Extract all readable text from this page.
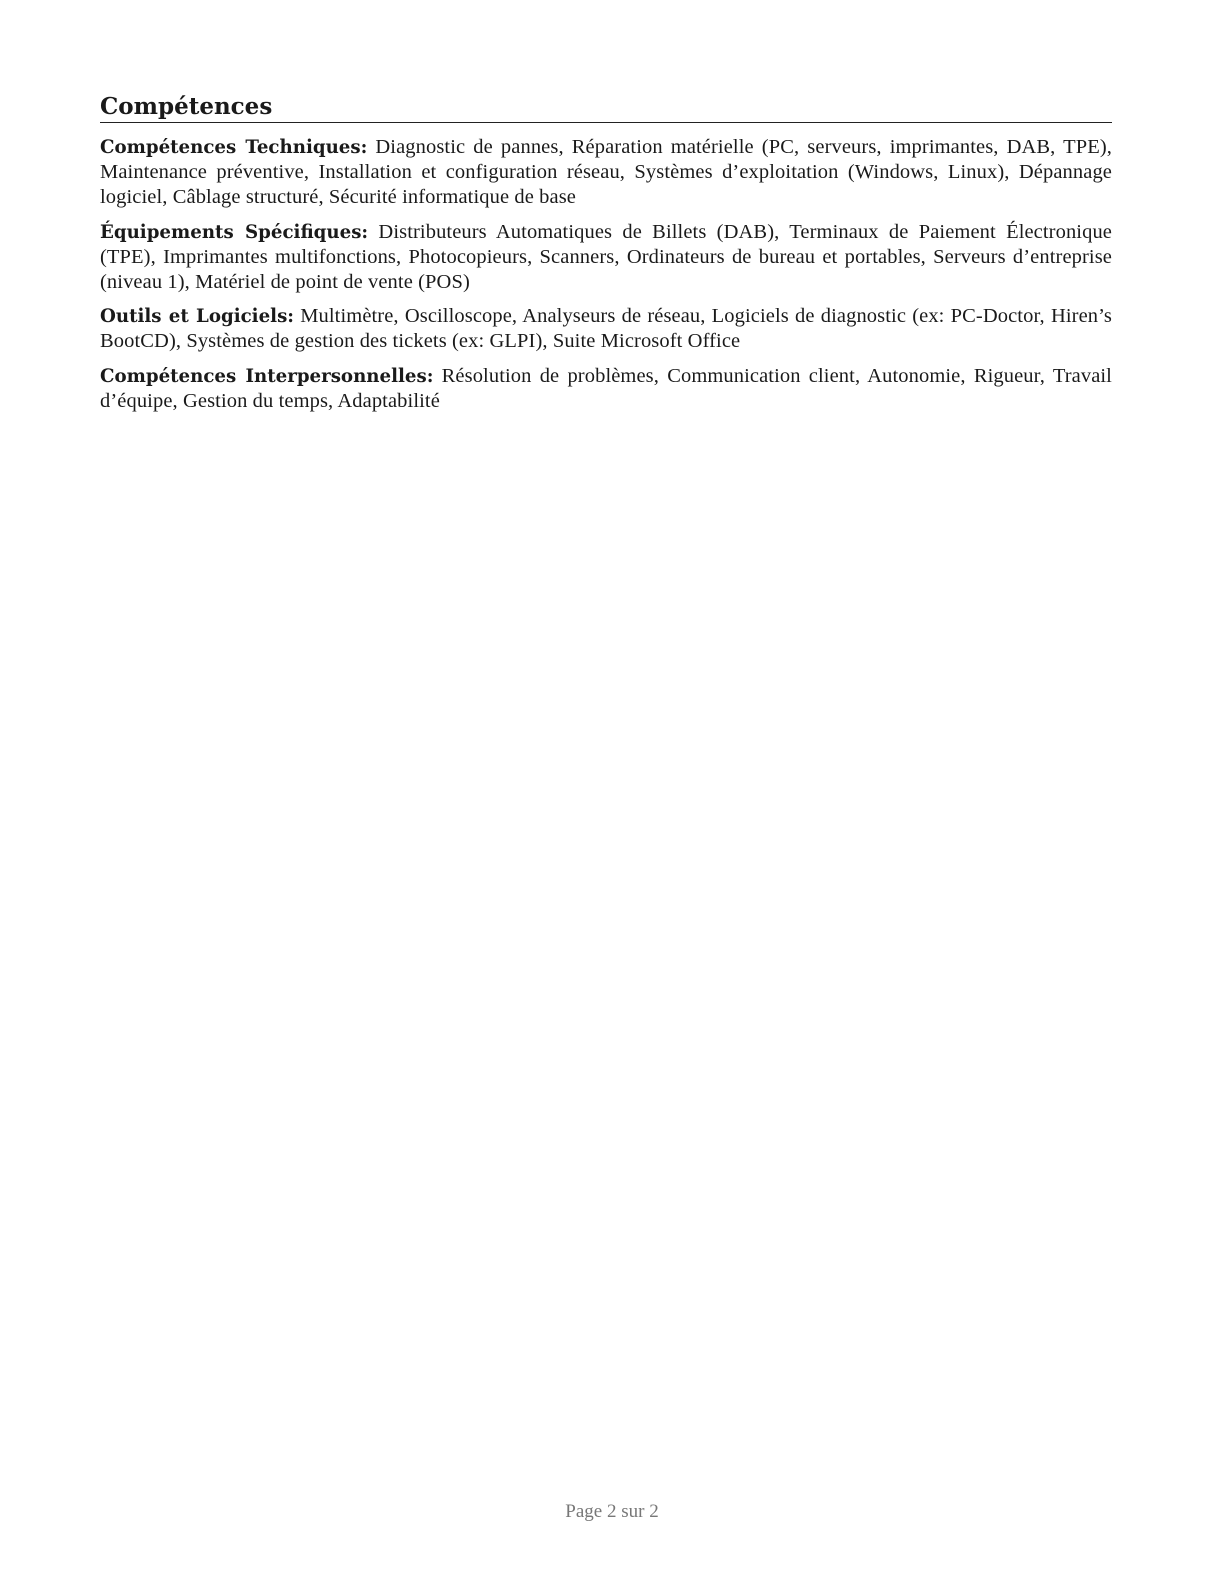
Compétences

Compétences Techniques: Diagnostic de pannes, Réparation matérielle (PC, serveurs, imprimantes, DAB, TPE), Maintenance préventive, Installation et configuration réseau, Systèmes d’exploitation (Windows, Linux), Dépannage logiciel, Câblage structuré, Sécurité informatique de base

Équipements Spécifiques: Distributeurs Automatiques de Billets (DAB), Terminaux de Paiement Électronique (TPE), Imprimantes multifonctions, Photocopieurs, Scanners, Ordinateurs de bureau et portables, Serveurs d’entreprise (niveau 1), Matériel de point de vente (POS)

Outils et Logiciels: Multimètre, Oscilloscope, Analyseurs de réseau, Logiciels de diagnostic (ex: PC-Doctor, Hiren’s BootCD), Systèmes de gestion des tickets (ex: GLPI), Suite Microsoft Office

Compétences Interpersonnelles: Résolution de problèmes, Communication client, Autonomie, Rigueur, Travail d’équipe, Gestion du temps, Adaptabilité

Page 2 sur 2
